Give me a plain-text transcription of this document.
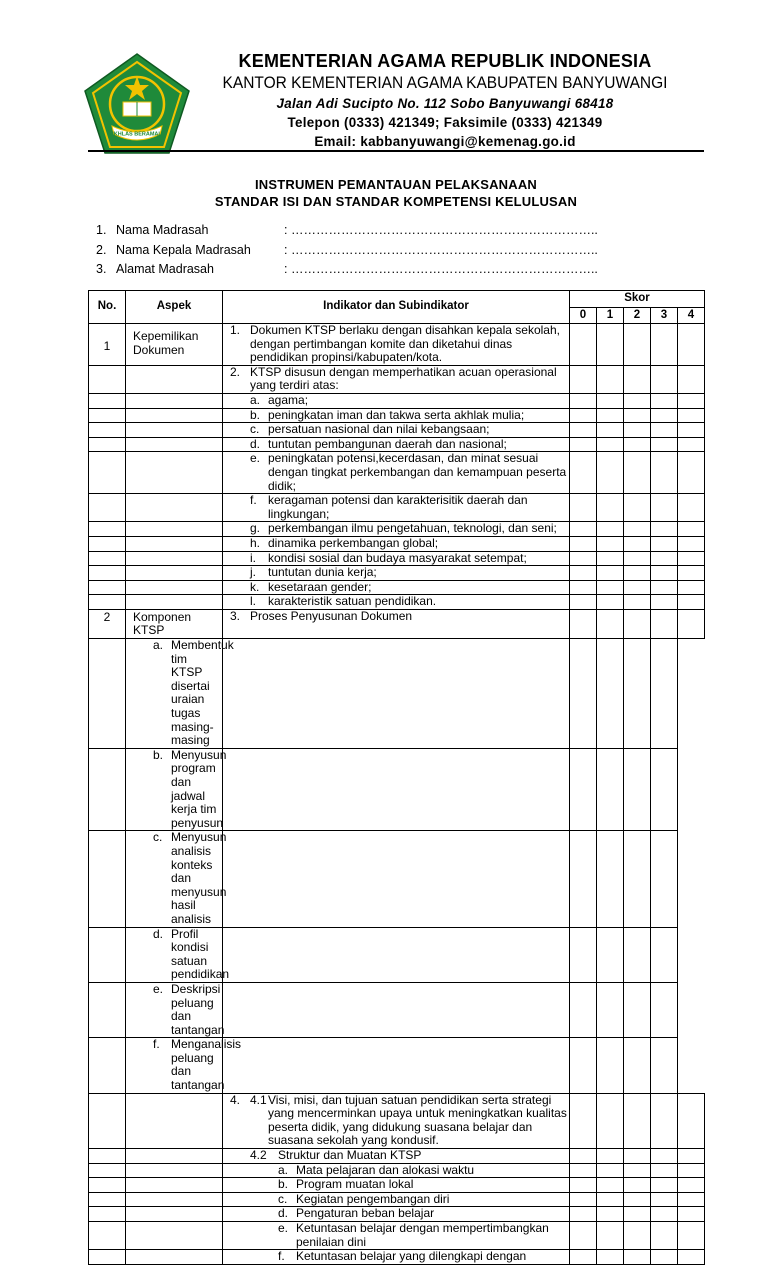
IKHLAS BERAMAL
KEMENTERIAN AGAMA REPUBLIK INDONESIA
KANTOR KEMENTERIAN AGAMA KABUPATEN BANYUWANGI
Jalan Adi Sucipto No. 112 Sobo Banyuwangi 68418
Telepon (0333) 421349; Faksimile (0333) 421349
Email: kabbanyuwangi@kemenag.go.id
INSTRUMEN PEMANTAUAN PELAKSANAAN
STANDAR ISI DAN STANDAR KOMPETENSI KELULUSAN
1. Nama Madrasah	: ………………………………………………………………..
2. Nama Kepala Madrasah	: ………………………………………………………………..
3. Alamat Madrasah	: ………………………………………………………………..
No.	Aspek	Indikator dan Subindikator	Skor				
			0	1	2	3	4
1	Kepemilikan Dokumen	1. Dokumen KTSP berlaku dengan disahkan kepala sekolah, dengan pertimbangan komite dan diketahui dinas pendidikan propinsi/kabupaten/kota.					

		2. KTSP disusun dengan memperhatikan acuan operasional yang terdiri atas:					

		a. agama;					

		b. peningkatan iman dan takwa serta akhlak mulia;					

		c. persatuan nasional dan nilai kebangsaan;					

		d. tuntutan pembangunan daerah dan nasional;					

		e. peningkatan potensi,kecerdasan, dan minat sesuai dengan tingkat perkembangan dan kemampuan peserta didik;					

		f. keragaman potensi dan karakterisitik daerah dan lingkungan;					

		g. perkembangan ilmu pengetahuan, teknologi, dan seni;					

		h. dinamika perkembangan global;					

		i. kondisi sosial dan budaya masyarakat setempat;					

		j. tuntutan dunia kerja;					

		k. kesetaraan gender;					

		l. karakteristik satuan pendidikan.					

2	Komponen KTSP	3. Proses Penyusunan Dokumen					

	a. Membentuk tim KTSP disertai uraian tugas masing-masing						

	b. Menyusun program dan jadwal kerja tim penyusun						

	c. Menyusun analisis konteks dan menyusun hasil analisis						

	d. Profil kondisi satuan pendidikan						

	e. Deskripsi peluang dan tantangan						

	f. Menganalisis peluang dan tantangan						

		4. 4.1 Visi, misi, dan tujuan satuan pendidikan serta strategi yang mencerminkan upaya untuk meningkatkan kualitas peserta didik, yang didukung suasana belajar dan suasana sekolah yang kondusif.					

		4.2 Struktur dan Muatan KTSP					

		a. Mata pelajaran dan alokasi waktu					

		b. Program muatan lokal					

		c. Kegiatan pengembangan diri					

		d. Pengaturan beban belajar					

		e. Ketuntasan belajar dengan mempertimbangkan penilaian dini					

		f. Ketuntasan belajar yang dilengkapi dengan					
